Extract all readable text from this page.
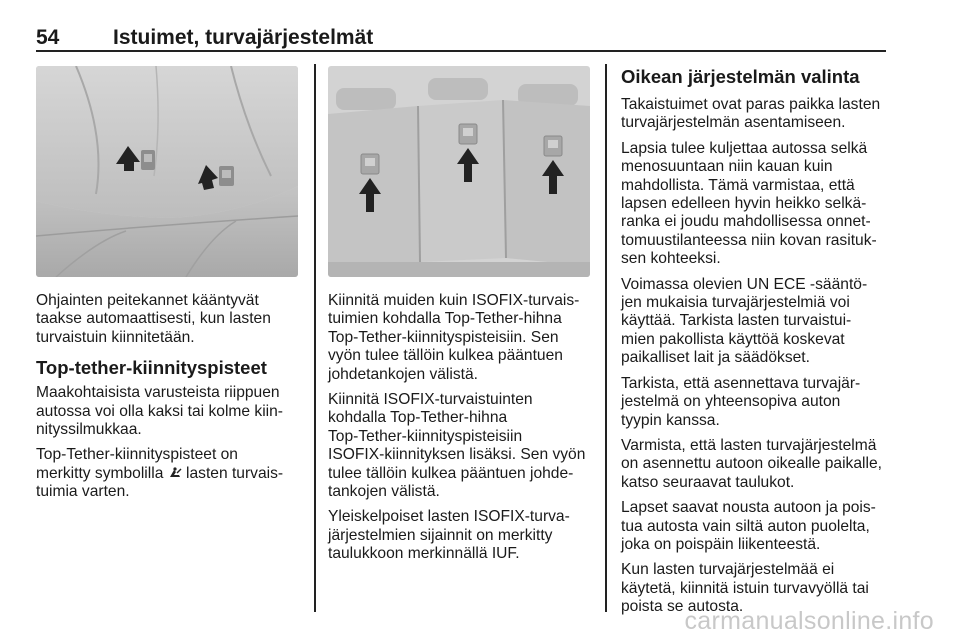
54	Istuimet, turvajärjestelmät

Ohjainten peitekannet kääntyvät
taakse automaattisesti, kun lasten
turvaistuin kiinnitetään.

Top-tether-kiinnityspisteet

Maakohtaisista varusteista riippuen
autossa voi olla kaksi tai kolme kiin-
nityssilmukkaa.

Top-Tether-kiinnityspisteet on
merkitty symbolilla  lasten turvais-
tuimia varten.

Kiinnitä muiden kuin ISOFIX-turvais-
tuimien kohdalla Top-Tether-hihna
Top-Tether-kiinnityspisteisiin. Sen
vyön tulee tällöin kulkea pääntuen
johdetankojen välistä.

Kiinnitä ISOFIX-turvaistuinten
kohdalla Top-Tether-hihna
Top-Tether-kiinnityspisteisiin
ISOFIX-kiinnityksen lisäksi. Sen vyön
tulee tällöin kulkea pääntuen johde-
tankojen välistä.

Yleiskelpoiset lasten ISOFIX-turva-
järjestelmien sijainnit on merkitty
taulukkoon merkinnällä IUF.

Oikean järjestelmän valinta

Takaistuimet ovat paras paikka lasten
turvajärjestelmän asentamiseen.

Lapsia tulee kuljettaa autossa selkä
menosuuntaan niin kauan kuin
mahdollista. Tämä varmistaa, että
lapsen edelleen hyvin heikko selkä-
ranka ei joudu mahdollisessa onnet-
tomuustilanteessa niin kovan rasituk-
sen kohteeksi.

Voimassa olevien UN ECE -sääntö-
jen mukaisia turvajärjestelmiä voi
käyttää. Tarkista lasten turvaistui-
mien pakollista käyttöä koskevat
paikalliset lait ja säädökset.

Tarkista, että asennettava turvajär-
jestelmä on yhteensopiva auton
tyypin kanssa.

Varmista, että lasten turvajärjestelmä
on asennettu autoon oikealle paikalle,
katso seuraavat taulukot.

Lapset saavat nousta autoon ja pois-
tua autosta vain siltä auton puolelta,
joka on poispäin liikenteestä.

Kun lasten turvajärjestelmää ei
käytetä, kiinnitä istuin turvavyöllä tai
poista se autosta.

carmanualsonline.info
